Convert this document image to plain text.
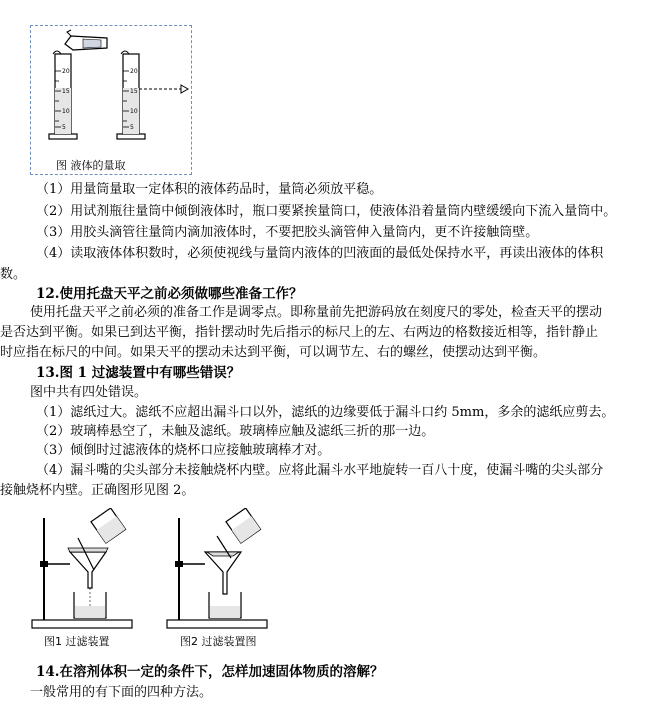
20
15
10
5
20
15
10
5
图 液体的量取
（1）用量筒量取一定体积的液体药品时，量筒必须放平稳。
（2）用试剂瓶往量筒中倾倒液体时，瓶口要紧挨量筒口，使液体沿着量筒内壁缓缓向下流入量筒中。
（3）用胶头滴管往量筒内滴加液体时，不要把胶头滴管伸入量筒内，更不许接触筒壁。
（4）读取液体体积数时，必须使视线与量筒内液体的凹液面的最低处保持水平，再读出液体的体积
数。
12.使用托盘天平之前必须做哪些准备工作？
使用托盘天平之前必须的准备工作是调零点。即称量前先把游码放在刻度尺的零处，检查天平的摆动
是否达到平衡。如果已到达平衡，指针摆动时先后指示的标尺上的左、右两边的格数接近相等，指针静止
时应指在标尺的中间。如果天平的摆动未达到平衡，可以调节左、右的螺丝，使摆动达到平衡。
13.图 1 过滤装置中有哪些错误？
图中共有四处错误。
（1）滤纸过大。滤纸不应超出漏斗口以外，滤纸的边缘要低于漏斗口约 5mm，多余的滤纸应剪去。
（2）玻璃棒悬空了，未触及滤纸。玻璃棒应触及滤纸三折的那一边。
（3）倾倒时过滤液体的烧杯口应接触玻璃棒才对。
（4）漏斗嘴的尖头部分未接触烧杯内壁。应将此漏斗水平地旋转一百八十度，使漏斗嘴的尖头部分
接触烧杯内壁。正确图形见图 2。
图1 过滤装置	图2 过滤装置图
14.在溶剂体积一定的条件下，怎样加速固体物质的溶解？
一般常用的有下面的四种方法。
